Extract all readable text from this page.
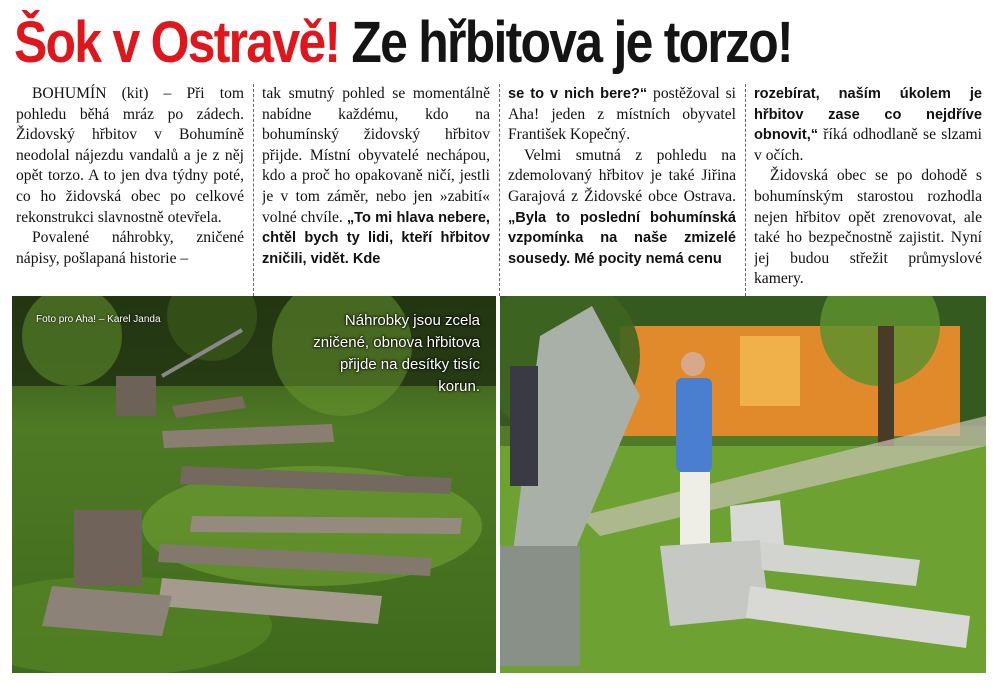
Šok v Ostravě! Ze hřbitova je torzo!

BOHUMÍN (kit) – Při tom pohledu běhá mráz po zádech. Židovský hřbitov v Bohumíně neodolal nájezdu vandalů a je z něj opět torzo. A to jen dva týdny poté, co ho židovská obec po celkové rekonstrukci slavnostně otevřela.

Povalené náhrobky, zničené nápisy, pošlapaná historie –

tak smutný pohled se momentálně nabídne každému, kdo na bohumínský židovský hřbitov přijde. Místní obyvatelé nechápou, kdo a proč ho opakovaně ničí, jestli je v tom záměr, nebo jen »zabití« volné chvíle. „To mi hlava nebere, chtěl bych ty lidi, kteří hřbitov zničili, vidět. Kde

se to v nich bere?“ postěžoval si Aha! jeden z místních obyvatel František Kopečný.

Velmi smutná z pohledu na zdemolovaný hřbitov je také Jiřina Garajová z Židovské obce Ostrava. „Byla to poslední bohumínská vzpomínka na naše zmizelé sousedy. Mé pocity nemá cenu

rozebírat, naším úkolem je hřbitov zase co nejdříve obnovit,“ říká odhodlaně se slzami v očích.

Židovská obec se po dohodě s bohumínským starostou rozhodla nejen hřbitov opět zrenovovat, ale také ho bezpečnostně zajistit. Nyní jej budou střežit průmyslové kamery.

Foto pro Aha! – Karel Janda	Náhrobky jsou zcela zničené, obnova hřbitova přijde na desítky tisíc korun.
